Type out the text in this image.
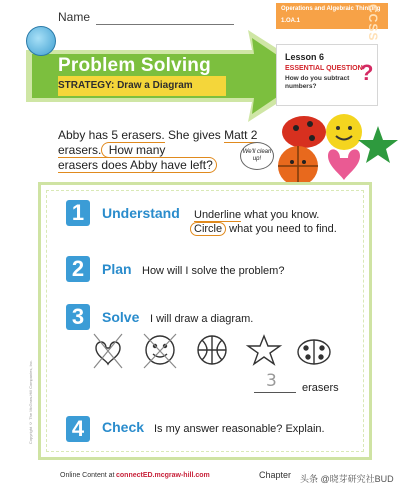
Name
Operations and Algebraic Thinking
1.OA.1	CCSS
Problem Solving
STRATEGY: Draw a Diagram
Lesson 6
ESSENTIAL QUESTION
How do you subtract numbers?
?
Abby has 5 erasers. She gives Matt 2 erasers. How many
erasers does Abby have left?
We'll clean up!
1	Understand Underline what you know.
Circle what you need to find.
2	Plan How will I solve the problem?
3	Solve I will draw a diagram.
3 erasers
4	Check Is my answer reasonable? Explain.
Copyright © The McGraw-Hill Companies, Inc.
Online Content at connectED.mcgraw-hill.com	Chapter 头条 @晓芽研究社BUD
